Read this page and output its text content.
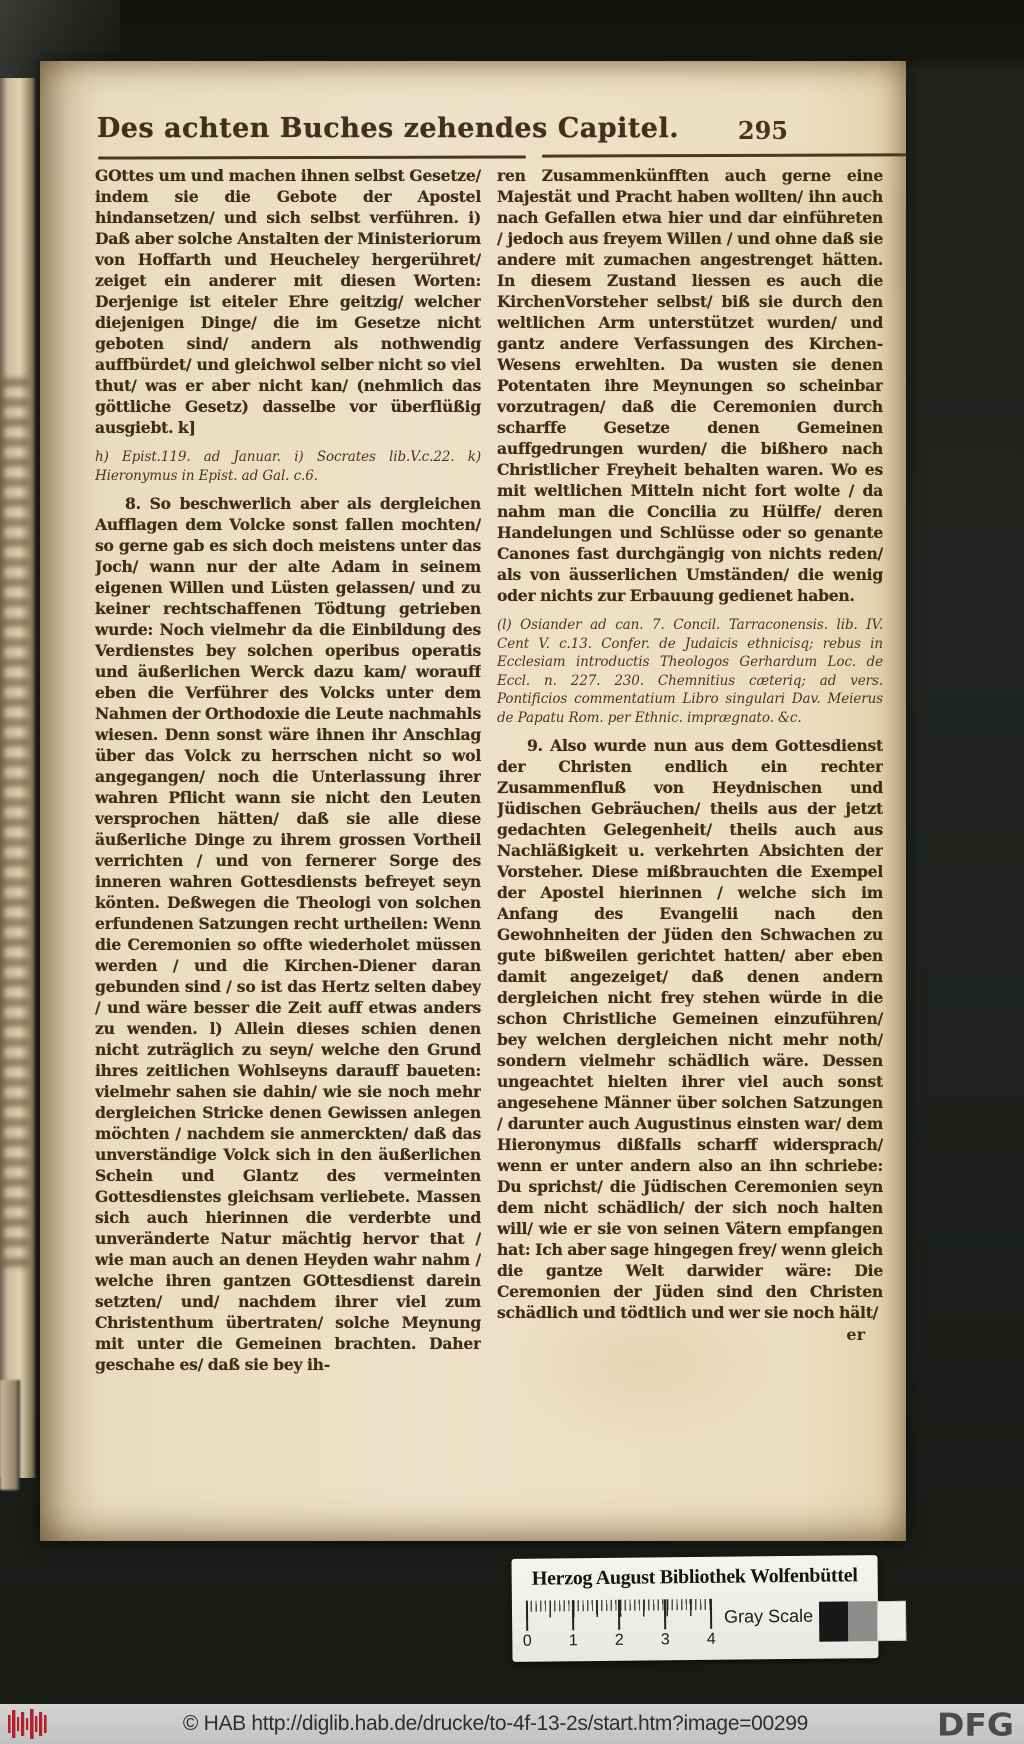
Des achten Buches zehendes Capitel.	295

GOttes um und machen ihnen selbst Gesetze/ indem sie die Gebote der Apostel hindansetzen/ und sich selbst verführen. i) Daß aber solche Anstalten der Ministeriorum von Hoffarth und Heucheley hergerühret/ zeiget ein anderer mit diesen Worten: Derjenige ist eiteler Ehre geitzig/ welcher diejenigen Dinge/ die im Gesetze nicht geboten sind/ andern als nothwendig auffbürdet/ und gleichwol selber nicht so viel thut/ was er aber nicht kan/ (nehmlich das göttliche Gesetz) dasselbe vor überflüßig ausgiebt. k]

h) Epist.119. ad Januar. i) Socrates lib.V.c.22. k) Hieronymus in Epist. ad Gal. c.6.

8. So beschwerlich aber als dergleichen Aufflagen dem Volcke sonst fallen mochten/ so gerne gab es sich doch meistens unter das Joch/ wann nur der alte Adam in seinem eigenen Willen und Lüsten gelassen/ und zu keiner rechtschaffenen Tödtung getrieben wurde: Noch vielmehr da die Einbildung des Verdienstes bey solchen operibus operatis und äußerlichen Werck dazu kam/ worauff eben die Verführer des Volcks unter dem Nahmen der Orthodoxie die Leute nachmahls wiesen. Denn sonst wäre ihnen ihr Anschlag über das Volck zu herrschen nicht so wol angegangen/ noch die Unterlassung ihrer wahren Pflicht wann sie nicht den Leuten versprochen hätten/ daß sie alle diese äußerliche Dinge zu ihrem grossen Vortheil verrichten / und von fernerer Sorge des inneren wahren Gottesdiensts befreyet seyn könten. Deßwegen die Theologi von solchen erfundenen Satzungen recht urtheilen: Wenn die Ceremonien so offte wiederholet müssen werden / und die Kirchen-Diener daran gebunden sind / so ist das Hertz selten dabey / und wäre besser die Zeit auff etwas anders zu wenden. l) Allein dieses schien denen nicht zuträglich zu seyn/ welche den Grund ihres zeitlichen Wohlseyns darauff baueten: vielmehr sahen sie dahin/ wie sie noch mehr dergleichen Stricke denen Gewissen anlegen möchten / nachdem sie anmerckten/ daß das unverständige Volck sich in den äußerlichen Schein und Glantz des vermeinten Gottesdienstes gleichsam verliebete. Massen sich auch hierinnen die verderbte und unveränderte Natur mächtig hervor that / wie man auch an denen Heyden wahr nahm / welche ihren gantzen GOttesdienst darein setzten/ und/ nachdem ihrer viel zum Christenthum übertraten/ solche Meynung mit unter die Gemeinen brachten. Daher geschahe es/ daß sie bey ih-

ren Zusammenkünfften auch gerne eine Majestät und Pracht haben wollten/ ihn auch nach Gefallen etwa hier und dar einführeten / jedoch aus freyem Willen / und ohne daß sie andere mit zumachen angestrenget hätten. In diesem Zustand liessen es auch die KirchenVorsteher selbst/ biß sie durch den weltlichen Arm unterstützet wurden/ und gantz andere Verfassungen des Kirchen-Wesens erwehlten. Da wusten sie denen Potentaten ihre Meynungen so scheinbar vorzutragen/ daß die Ceremonien durch scharffe Gesetze denen Gemeinen auffgedrungen wurden/ die bißhero nach Christlicher Freyheit behalten waren. Wo es mit weltlichen Mitteln nicht fort wolte / da nahm man die Concilia zu Hülffe/ deren Handelungen und Schlüsse oder so genante Canones fast durchgängig von nichts reden/ als von äusserlichen Umständen/ die wenig oder nichts zur Erbauung gedienet haben.

(l) Osiander ad can. 7. Concil. Tarraconensis. lib. IV. Cent V. c.13. Confer. de Judaicis ethnicisq; rebus in Ecclesiam introductis Theologos Gerhardum Loc. de Eccl. n. 227. 230. Chemnitius cæteriq; ad vers. Pontificios commentatium Libro singulari Dav. Meierus de Papatu Rom. per Ethnic. imprægnato. &c.

9. Also wurde nun aus dem Gottesdienst der Christen endlich ein rechter Zusammenfluß von Heydnischen und Jüdischen Gebräuchen/ theils aus der jetzt gedachten Gelegenheit/ theils auch aus Nachläßigkeit u. verkehrten Absichten der Vorsteher. Diese mißbrauchten die Exempel der Apostel hierinnen / welche sich im Anfang des Evangelii nach den Gewohnheiten der Jüden den Schwachen zu gute bißweilen gerichtet hatten/ aber eben damit angezeiget/ daß denen andern dergleichen nicht frey stehen würde in die schon Christliche Gemeinen einzuführen/ bey welchen dergleichen nicht mehr noth/ sondern vielmehr schädlich wäre. Dessen ungeachtet hielten ihrer viel auch sonst angesehene Männer über solchen Satzungen / darunter auch Augustinus einsten war/ dem Hieronymus dißfalls scharff widersprach/ wenn er unter andern also an ihn schriebe: Du sprichst/ die Jüdischen Ceremonien seyn dem nicht schädlich/ der sich noch halten will/ wie er sie von seinen Vätern empfangen hat: Ich aber sage hingegen frey/ wenn gleich die gantze Welt darwider wäre: Die Ceremonien der Jüden sind den Christen schädlich und tödtlich und wer sie noch hält/

er
Herzog August Bibliothek Wolfenbüttel
0	1	2	3	4
Gray Scale
© HAB http://diglib.hab.de/drucke/to-4f-13-2s/start.htm?image=00299	DFG
